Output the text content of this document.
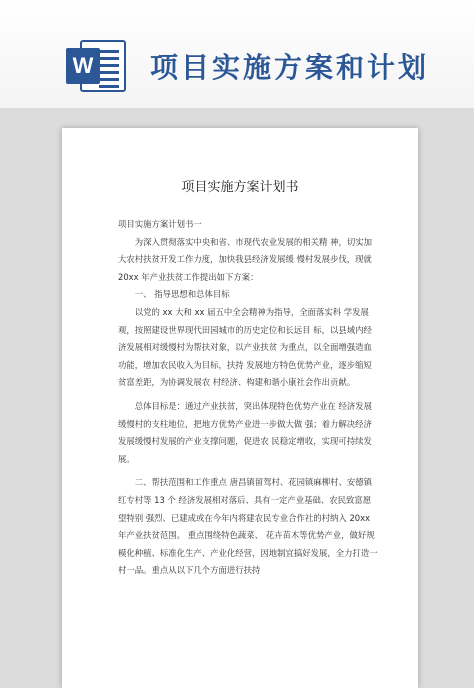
W 项目实施方案和计划
项目实施方案计划书

项目实施方案计划书一

为深入贯彻落实中央和省、市现代农业发展的相关精 神，切实加大农村扶贫开发工作力度，加快我县经济发展缓 慢村发展步伐，现就 20xx 年产业扶贫工作提出如下方案：

一、 指导思想和总体目标

以党的 xx 大和 xx 届五中全会精神为指导，全面落实科 学发展观，按照建设世界现代田园城市的历史定位和长远目 标，以县域内经济发展相对缓慢村为帮扶对象，以产业扶贫 为重点，以全面增强造血功能，增加农民收入为目标，扶持 发展地方特色优势产业，逐步缩短贫富差距，为协调发展农 村经济、构建和谐小康社会作出贡献。

总体目标是：通过产业扶贫，突出体现特色优势产业在 经济发展缓慢村的支柱地位，把地方优势产业进一步做大做 强；着力解决经济发展缓慢村发展的产业支撑问题，促进农 民稳定增收，实现可持续发展。

二、帮扶范围和工作重点 唐昌镇留驾村、花园镇麻柳村、安德镇红专村等 13 个 经济发展相对落后、具有一定产业基础、农民致富愿望特别 强烈、已建成或在今年内将建农民专业合作社的村纳入 20xx 年产业扶贫范围。 重点围绕特色蔬菜、 花卉苗木等优势产业，做好规模化种植、标准化生产、产业化经营，因地制宜搞好发展，全力打造一村一品。重点从以下几个方面进行扶持
